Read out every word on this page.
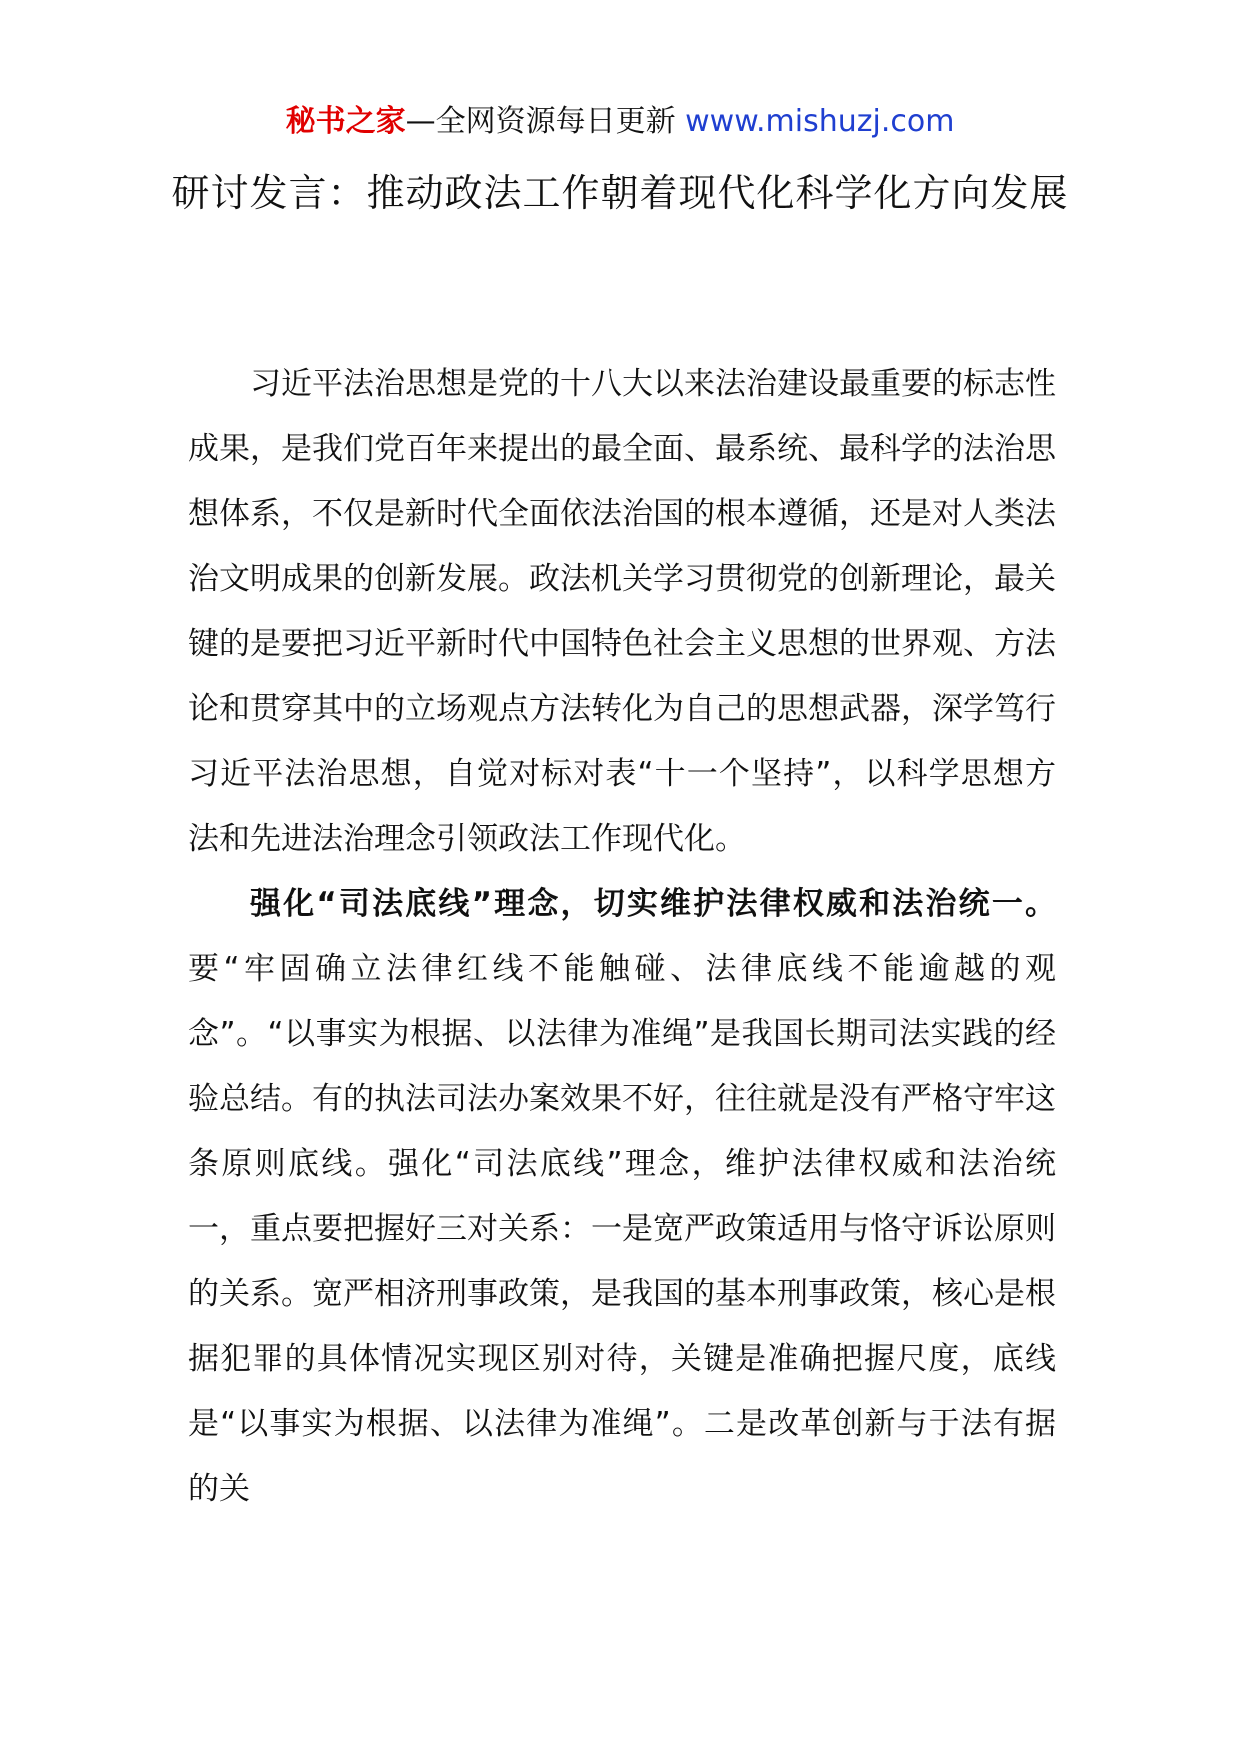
秘书之家—全网资源每日更新 www.mishuzj.com
研讨发言：推动政法工作朝着现代化科学化方向发展

习近平法治思想是党的十八大以来法治建设最重要的标志性成果，是我们党百年来提出的最全面、最系统、最科学的法治思想体系，不仅是新时代全面依法治国的根本遵循，还是对人类法治文明成果的创新发展。政法机关学习贯彻党的创新理论，最关键的是要把习近平新时代中国特色社会主义思想的世界观、方法论和贯穿其中的立场观点方法转化为自己的思想武器，深学笃行习近平法治思想，自觉对标对表“十一个坚持”，以科学思想方法和先进法治理念引领政法工作现代化。

强化“司法底线”理念，切实维护法律权威和法治统一。要“牢固确立法律红线不能触碰、法律底线不能逾越的观念”。“以事实为根据、以法律为准绳”是我国长期司法实践的经验总结。有的执法司法办案效果不好，往往就是没有严格守牢这条原则底线。强化“司法底线”理念，维护法律权威和法治统一，重点要把握好三对关系：一是宽严政策适用与恪守诉讼原则的关系。宽严相济刑事政策，是我国的基本刑事政策，核心是根据犯罪的具体情况实现区别对待，关键是准确把握尺度，底线是“以事实为根据、以法律为准绳”。二是改革创新与于法有据的关
